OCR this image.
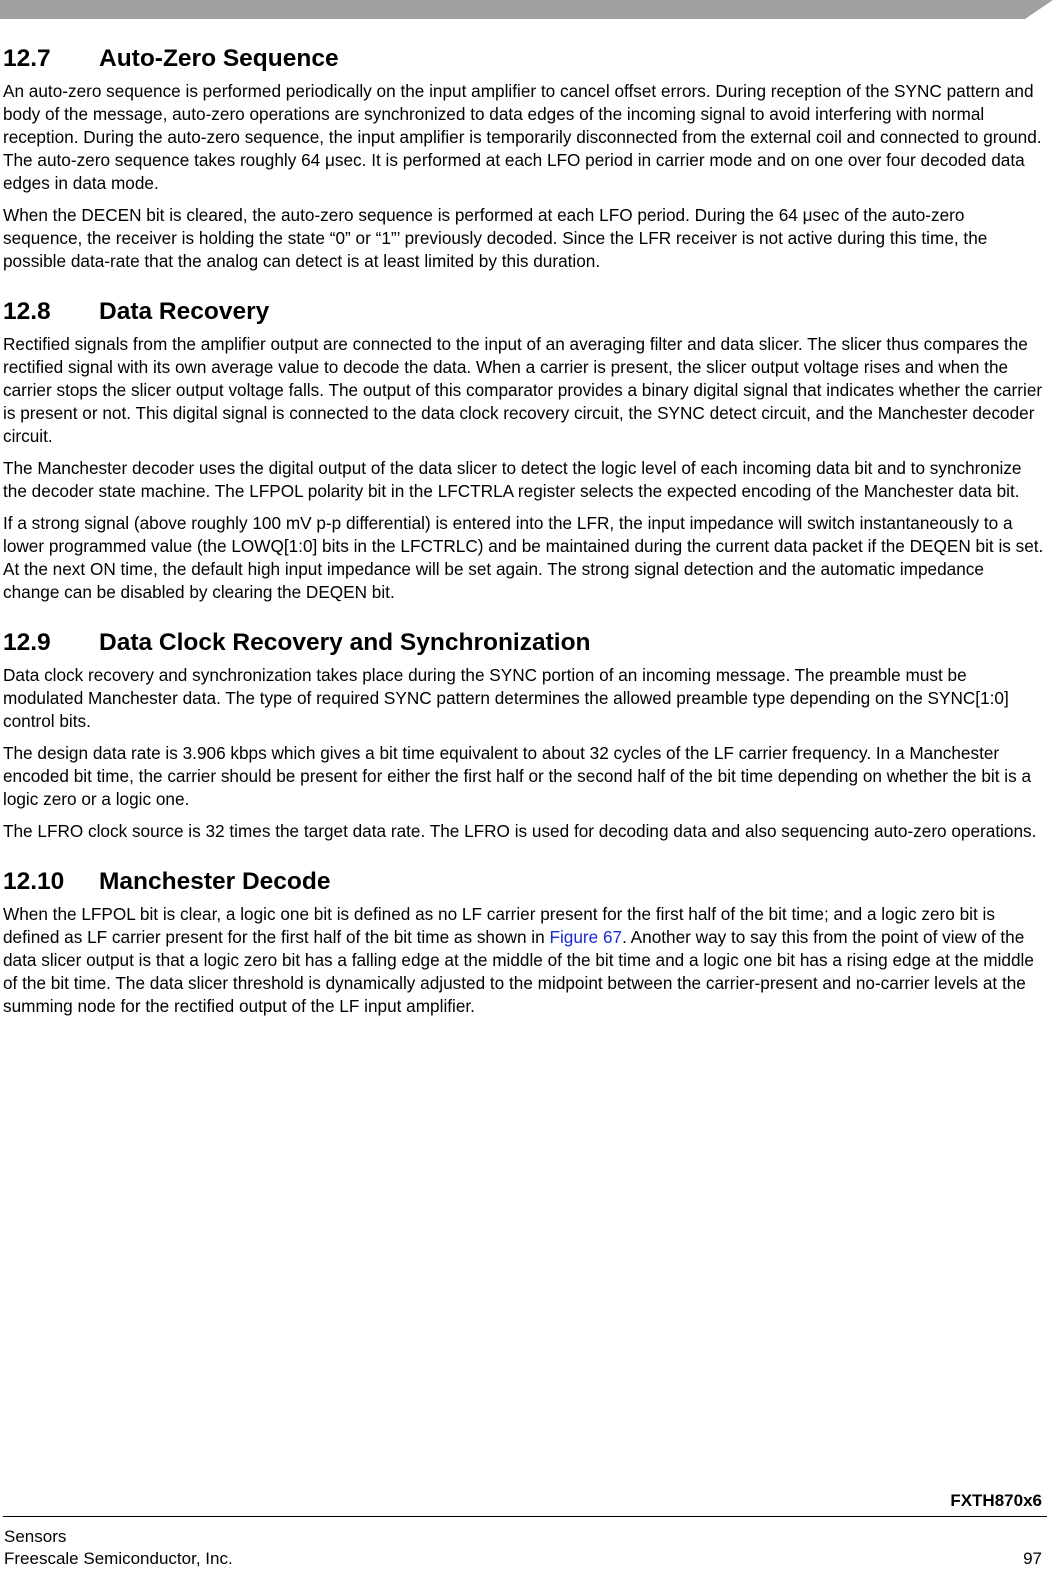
12.7 Auto-Zero Sequence

An auto-zero sequence is performed periodically on the input amplifier to cancel offset errors. During reception of the SYNC pattern and body of the message, auto-zero operations are synchronized to data edges of the incoming signal to avoid interfering with normal reception. During the auto-zero sequence, the input amplifier is temporarily disconnected from the external coil and connected to ground. The auto-zero sequence takes roughly 64 μsec. It is performed at each LFO period in carrier mode and on one over four decoded data edges in data mode.

When the DECEN bit is cleared, the auto-zero sequence is performed at each LFO period. During the 64 μsec of the auto-zero sequence, the receiver is holding the state “0” or “1”’ previously decoded. Since the LFR receiver is not active during this time, the possible data-rate that the analog can detect is at least limited by this duration.

12.8 Data Recovery

Rectified signals from the amplifier output are connected to the input of an averaging filter and data slicer. The slicer thus compares the rectified signal with its own average value to decode the data. When a carrier is present, the slicer output voltage rises and when the carrier stops the slicer output voltage falls. The output of this comparator provides a binary digital signal that indicates whether the carrier is present or not. This digital signal is connected to the data clock recovery circuit, the SYNC detect circuit, and the Manchester decoder circuit.

The Manchester decoder uses the digital output of the data slicer to detect the logic level of each incoming data bit and to synchronize the decoder state machine. The LFPOL polarity bit in the LFCTRLA register selects the expected encoding of the Manchester data bit.

If a strong signal (above roughly 100 mV p-p differential) is entered into the LFR, the input impedance will switch instantaneously to a lower programmed value (the LOWQ[1:0] bits in the LFCTRLC) and be maintained during the current data packet if the DEQEN bit is set. At the next ON time, the default high input impedance will be set again. The strong signal detection and the automatic impedance change can be disabled by clearing the DEQEN bit.

12.9 Data Clock Recovery and Synchronization

Data clock recovery and synchronization takes place during the SYNC portion of an incoming message. The preamble must be modulated Manchester data. The type of required SYNC pattern determines the allowed preamble type depending on the SYNC[1:0] control bits.

The design data rate is 3.906 kbps which gives a bit time equivalent to about 32 cycles of the LF carrier frequency. In a Manchester encoded bit time, the carrier should be present for either the first half or the second half of the bit time depending on whether the bit is a logic zero or a logic one.

The LFRO clock source is 32 times the target data rate. The LFRO is used for decoding data and also sequencing auto-zero operations.

12.10 Manchester Decode

When the LFPOL bit is clear, a logic one bit is defined as no LF carrier present for the first half of the bit time; and a logic zero bit is defined as LF carrier present for the first half of the bit time as shown in Figure 67. Another way to say this from the point of view of the data slicer output is that a logic zero bit has a falling edge at the middle of the bit time and a logic one bit has a rising edge at the middle of the bit time. The data slicer threshold is dynamically adjusted to the midpoint between the carrier-present and no-carrier levels at the summing node for the rectified output of the LF input amplifier.

FXTH870x6
Sensors
Freescale Semiconductor, Inc.	97
